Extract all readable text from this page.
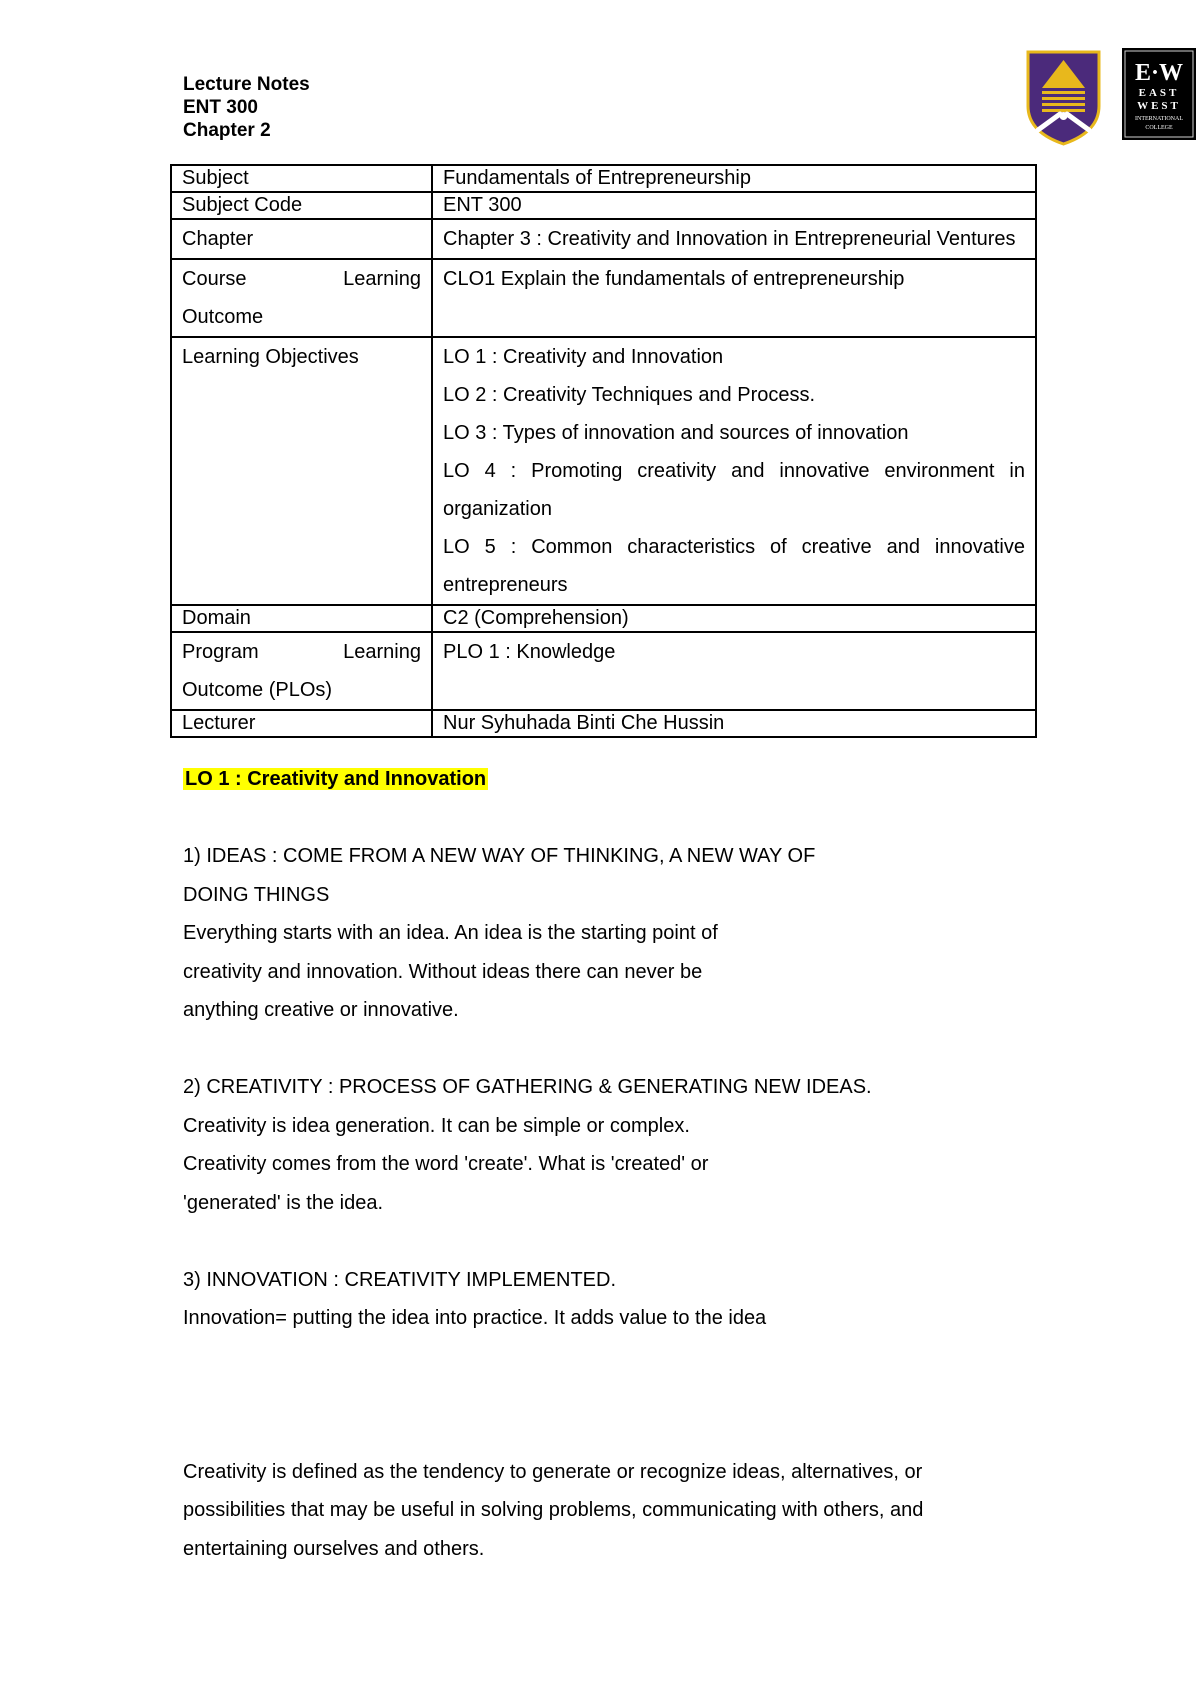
Lecture Notes
ENT 300
Chapter 2
E·W
EAST
WEST
INTERNATIONAL
COLLEGE
Subject	Fundamentals of Entrepreneurship
Subject Code	ENT 300
Chapter	Chapter 3 : Creativity and Innovation in Entrepreneurial Ventures

Course Learning
Outcome	CLO1 Explain the fundamentals of entrepreneurship
Learning Objectives	LO 1 : Creativity and Innovation
LO 2 : Creativity Techniques and Process.
LO 3 : Types of innovation and sources of innovation
LO 4 : Promoting creativity and innovative environment in organization
LO 5 : Common characteristics of creative and innovative entrepreneurs

Domain	C2 (Comprehension)

Program Learning
Outcome (PLOs)	PLO 1 : Knowledge
Lecturer	Nur Syhuhada Binti Che Hussin
LO 1 : Creativity and Innovation
1) IDEAS : COME FROM A NEW WAY OF THINKING, A NEW WAY OF
DOING THINGS
Everything starts with an idea. An idea is the starting point of
creativity and innovation. Without ideas there can never be
anything creative or innovative.
2) CREATIVITY : PROCESS OF GATHERING & GENERATING NEW IDEAS.
Creativity is idea generation. It can be simple or complex.
Creativity comes from the word 'create'. What is 'created' or
'generated' is the idea.
3) INNOVATION : CREATIVITY IMPLEMENTED.
Innovation= putting the idea into practice. It adds value to the idea
Creativity is defined as the tendency to generate or recognize ideas, alternatives, or
possibilities that may be useful in solving problems, communicating with others, and
entertaining ourselves and others.
